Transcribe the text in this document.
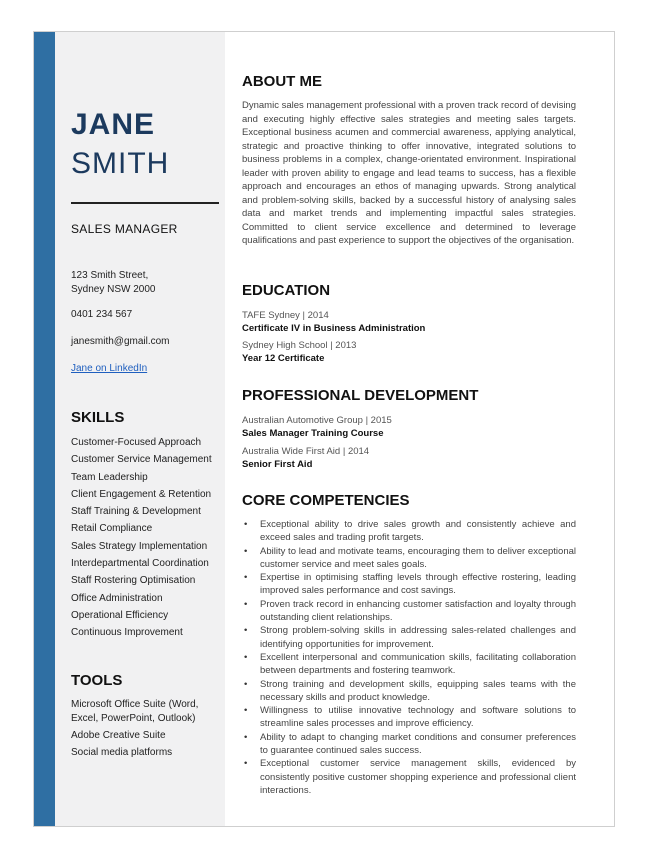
JANE
SMITH
SALES MANAGER
123 Smith Street,
Sydney NSW 2000
0401 234 567
janesmith@gmail.com
Jane on LinkedIn
SKILLS
Customer-Focused Approach
Customer Service Management
Team Leadership
Client Engagement & Retention
Staff Training & Development
Retail Compliance
Sales Strategy Implementation
Interdepartmental Coordination
Staff Rostering Optimisation
Office Administration
Operational Efficiency
Continuous Improvement
TOOLS
Microsoft Office Suite (Word, Excel, PowerPoint, Outlook)
Adobe Creative Suite
Social media platforms
ABOUT ME

Dynamic sales management professional with a proven track record of devising and executing highly effective sales strategies and meeting sales targets. Exceptional business acumen and commercial awareness, applying analytical, strategic and proactive thinking to offer innovative, integrated solutions to business problems in a complex, change-orientated environment. Inspirational leader with proven ability to engage and lead teams to success, has a flexible approach and encourages an ethos of managing upwards. Strong analytical and problem-solving skills, backed by a successful history of analysing sales data and market trends and implementing impactful sales strategies. Committed to client service excellence and determined to leverage qualifications and past experience to support the objectives of the organisation.

EDUCATION
TAFE Sydney | 2014
Certificate IV in Business Administration
Sydney High School | 2013
Year 12 Certificate
PROFESSIONAL DEVELOPMENT
Australian Automotive Group | 2015
Sales Manager Training Course
Australia Wide First Aid | 2014
Senior First Aid
CORE COMPETENCIES
• Exceptional ability to drive sales growth and consistently achieve and exceed sales and trading profit targets.
• Ability to lead and motivate teams, encouraging them to deliver exceptional customer service and meet sales goals.
• Expertise in optimising staffing levels through effective rostering, leading improved sales performance and cost savings.
• Proven track record in enhancing customer satisfaction and loyalty through outstanding client relationships.
• Strong problem-solving skills in addressing sales-related challenges and identifying opportunities for improvement.
• Excellent interpersonal and communication skills, facilitating collaboration between departments and fostering teamwork.
• Strong training and development skills, equipping sales teams with the necessary skills and product knowledge.
• Willingness to utilise innovative technology and software solutions to streamline sales processes and improve efficiency.
• Ability to adapt to changing market conditions and consumer preferences to guarantee continued sales success.
• Exceptional customer service management skills, evidenced by consistently positive customer shopping experience and professional client interactions.
